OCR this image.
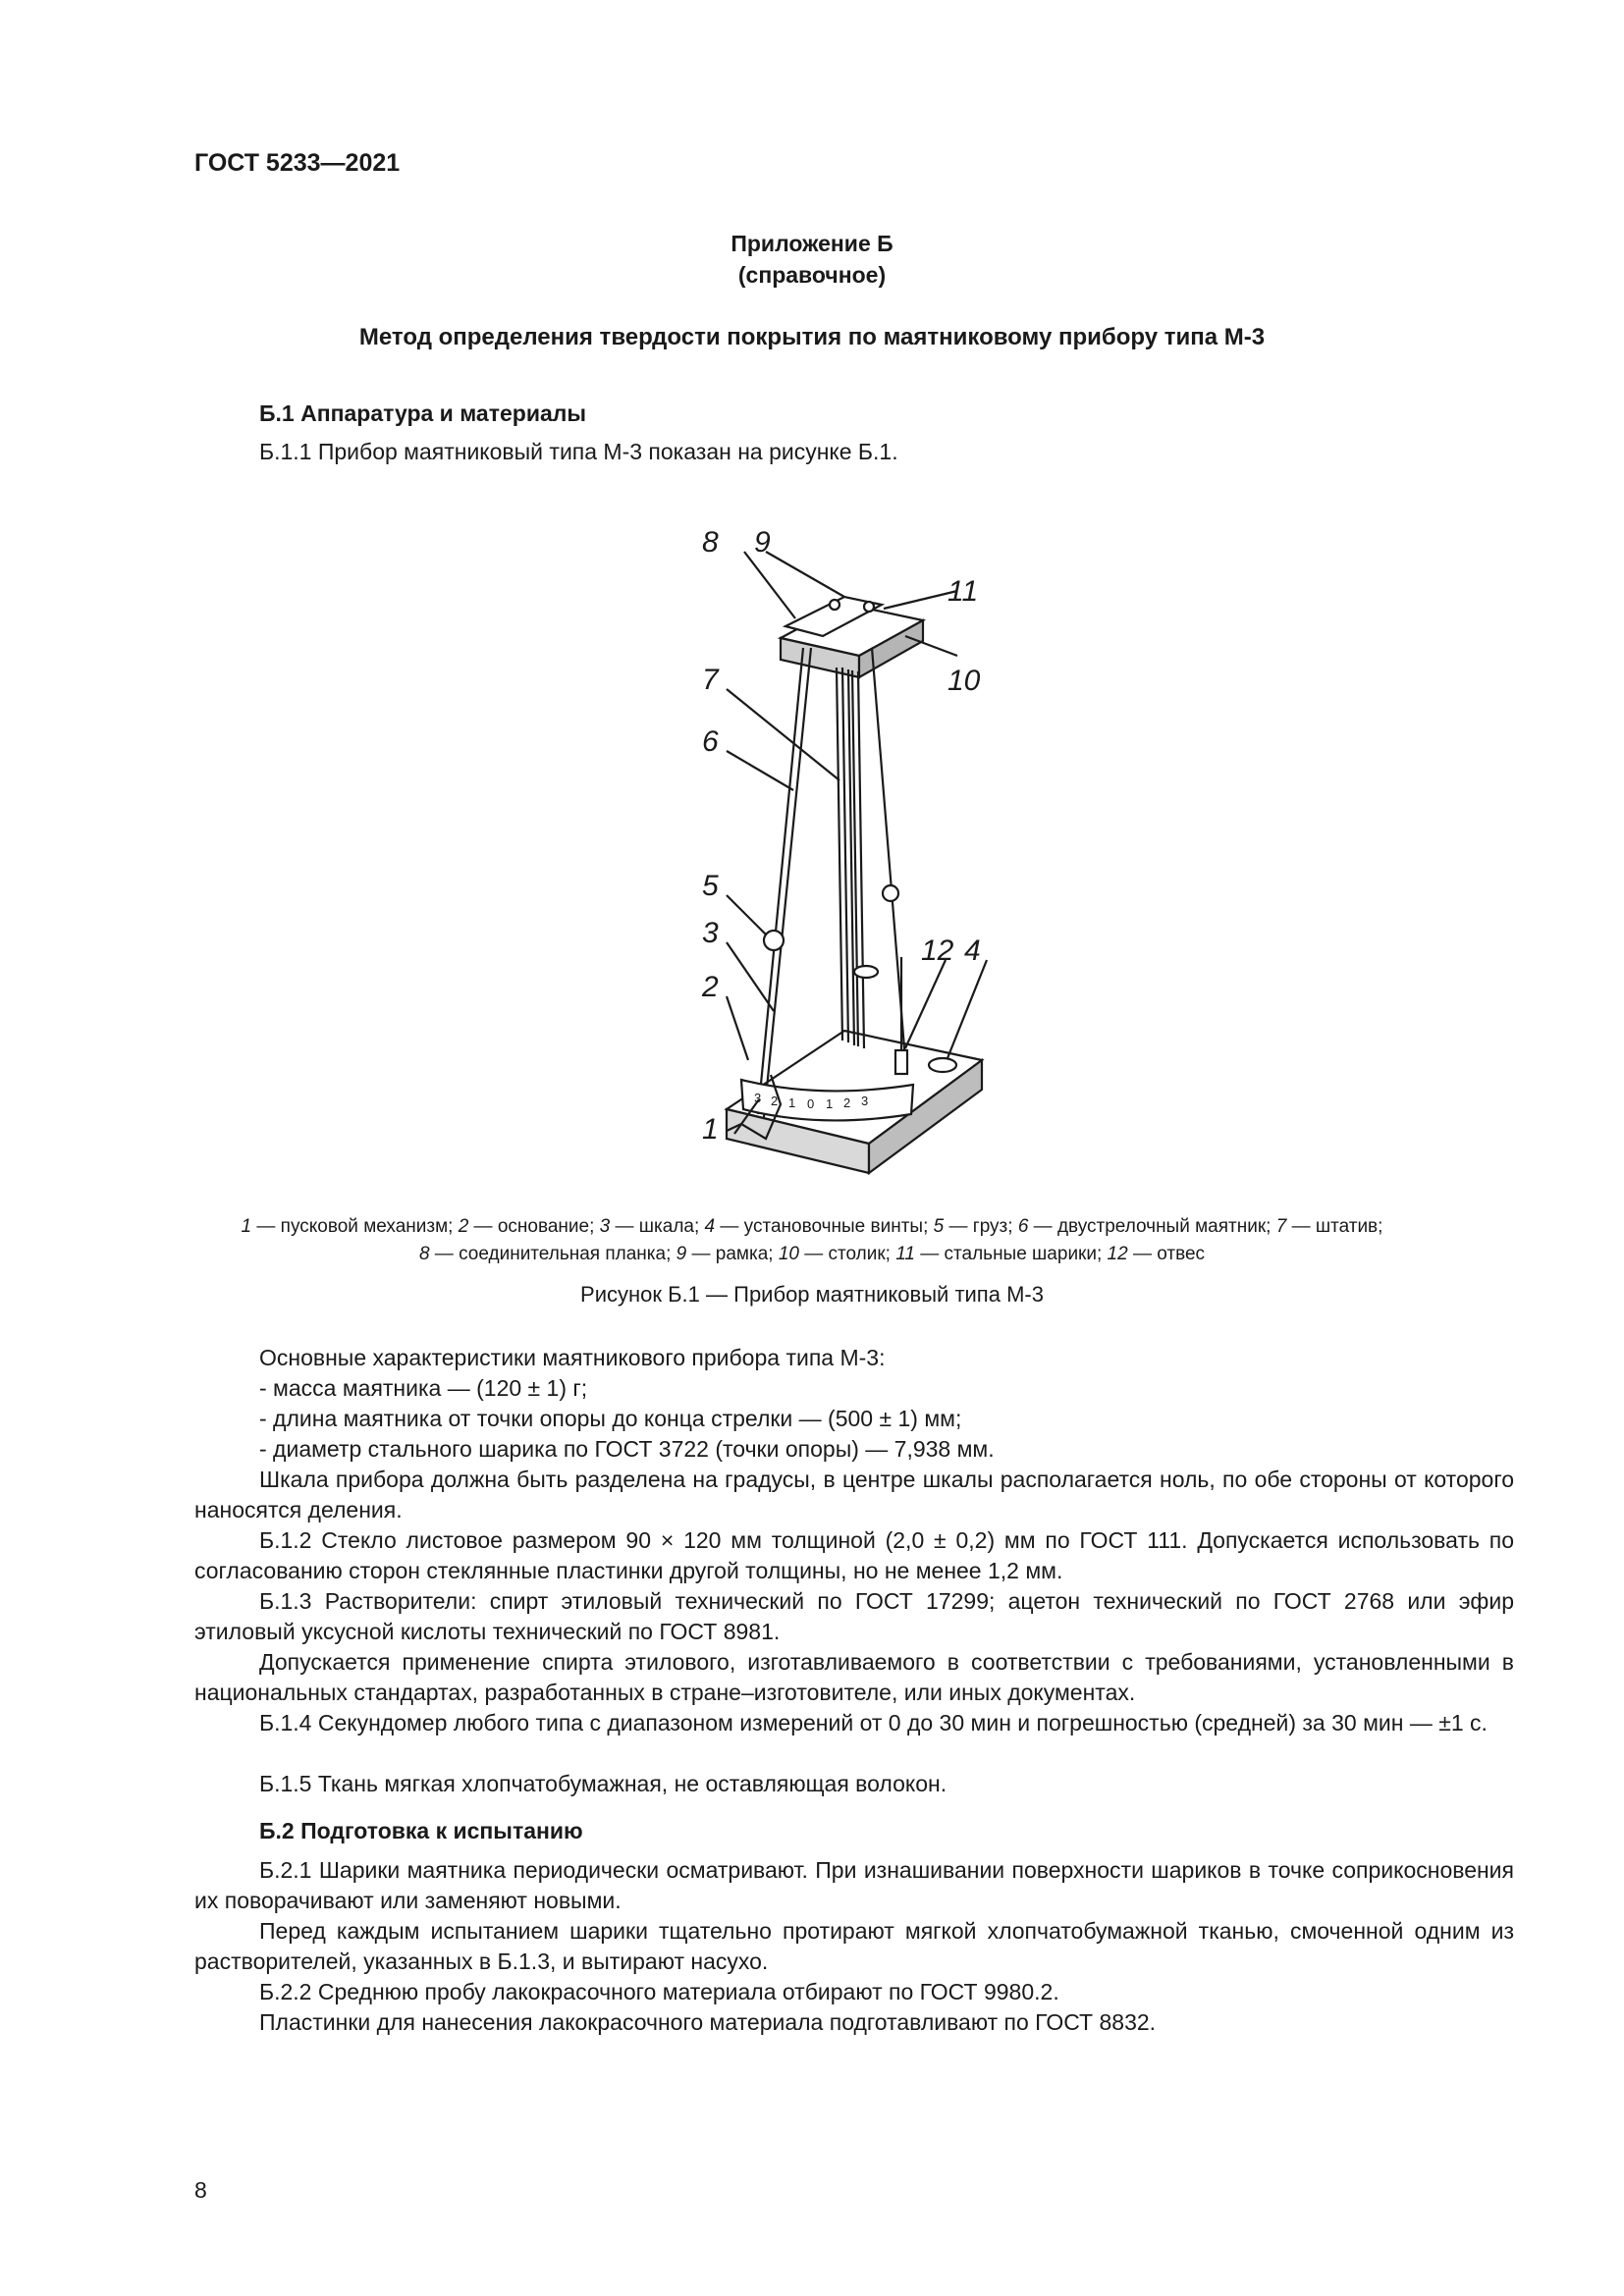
ГОСТ 5233—2021
Приложение Б
(справочное)
Метод определения твердости покрытия по маятниковому прибору типа М-3
Б.1 Аппаратура и материалы
Б.1.1 Прибор маятниковый типа М-3 показан на рисунке Б.1.
3 2 1 0 1 2 3
1
2
3
4
5
6
7
8 9
10
11
12
1 — пусковой механизм; 2 — основание; 3 — шкала; 4 — установочные винты; 5 — груз; 6 — двустрелочный маятник; 7 — штатив;
8 — соединительная планка; 9 — рамка; 10 — столик; 11 — стальные шарики; 12 — отвес
Рисунок Б.1 — Прибор маятниковый типа М-3
Основные характеристики маятникового прибора типа М-3:
- масса маятника — (120 ± 1) г;
- длина маятника от точки опоры до конца стрелки — (500 ± 1) мм;
- диаметр стального шарика по ГОСТ 3722 (точки опоры) — 7,938 мм.
Шкала прибора должна быть разделена на градусы, в центре шкалы располагается ноль, по обе стороны от которого наносятся деления.
Б.1.2 Стекло листовое размером 90 × 120 мм толщиной (2,0 ± 0,2) мм по ГОСТ 111. Допускается использовать по согласованию сторон стеклянные пластинки другой толщины, но не менее 1,2 мм.
Б.1.3 Растворители: спирт этиловый технический по ГОСТ 17299; ацетон технический по ГОСТ 2768 или эфир этиловый уксусной кислоты технический по ГОСТ 8981.
Допускается применение спирта этилового, изготавливаемого в соответствии с требованиями, установленными в национальных стандартах, разработанных в стране–изготовителе, или иных документах.
Б.1.4 Секундомер любого типа с диапазоном измерений от 0 до 30 мин и погрешностью (средней) за 30 мин — ±1 с.
Б.1.5 Ткань мягкая хлопчатобумажная, не оставляющая волокон.
Б.2 Подготовка к испытанию
Б.2.1 Шарики маятника периодически осматривают. При изнашивании поверхности шариков в точке соприкосновения их поворачивают или заменяют новыми.
Перед каждым испытанием шарики тщательно протирают мягкой хлопчатобумажной тканью, смоченной одним из растворителей, указанных в Б.1.3, и вытирают насухо.
Б.2.2 Среднюю пробу лакокрасочного материала отбирают по ГОСТ 9980.2.
Пластинки для нанесения лакокрасочного материала подготавливают по ГОСТ 8832.
8
